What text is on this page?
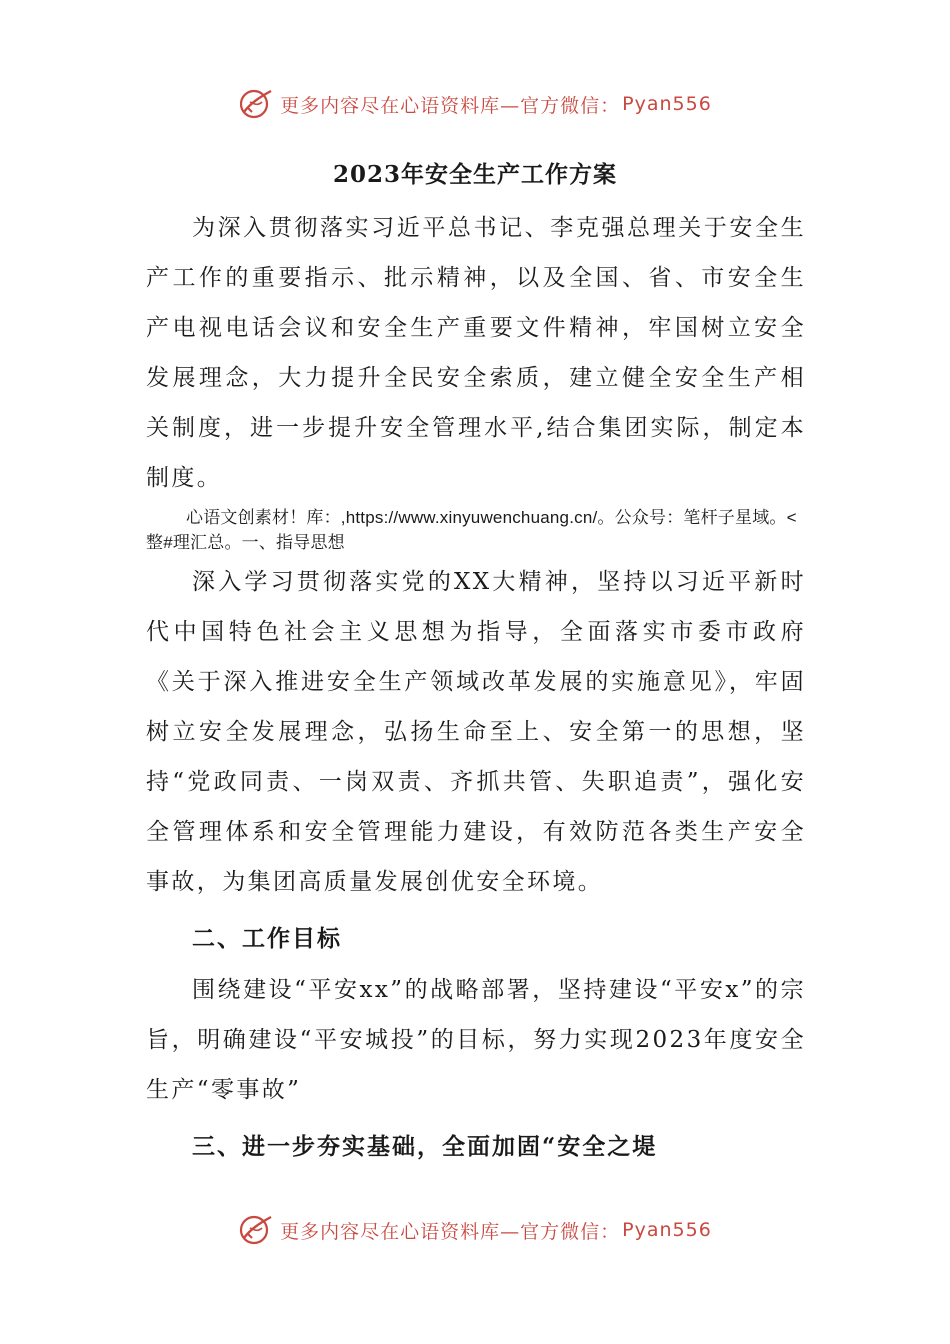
更多内容尽在心语资料库—官方微信： Pyan556
2023年安全生产工作方案

为深入贯彻落实习近平总书记、李克强总理关于安全生产工作的重要指示、批示精神，以及全国、省、市安全生产电视电话会议和安全生产重要文件精神，牢国树立安全发展理念，大力提升全民安全索质，建立健全安全生产相关制度，进一步提升安全管理水平,结合集团实际，制定本制度。

心语文创素材！库：,https://www.xinyuwenchuang.cn/。公众号：笔杆子星域。<整#理汇总。一、指导思想

深入学习贯彻落实党的XX大精神，坚持以习近平新时代中国特色社会主义思想为指导，全面落实市委市政府《关于深入推进安全生产领域改革发展的实施意见》，牢固树立安全发展理念，弘扬生命至上、安全第一的思想，坚持“党政同责、一岗双责、齐抓共管、失职追责”，强化安全管理体系和安全管理能力建设，有效防范各类生产安全事故，为集团高质量发展创优安全环境。

二、工作目标

围绕建设“平安xx”的战略部署，坚持建设“平安x”的宗旨，明确建设“平安城投”的目标，努力实现2023年度安全生产“零事故”

三、进一步夯实基础，全面加固“安全之堤

更多内容尽在心语资料库—官方微信： Pyan556
